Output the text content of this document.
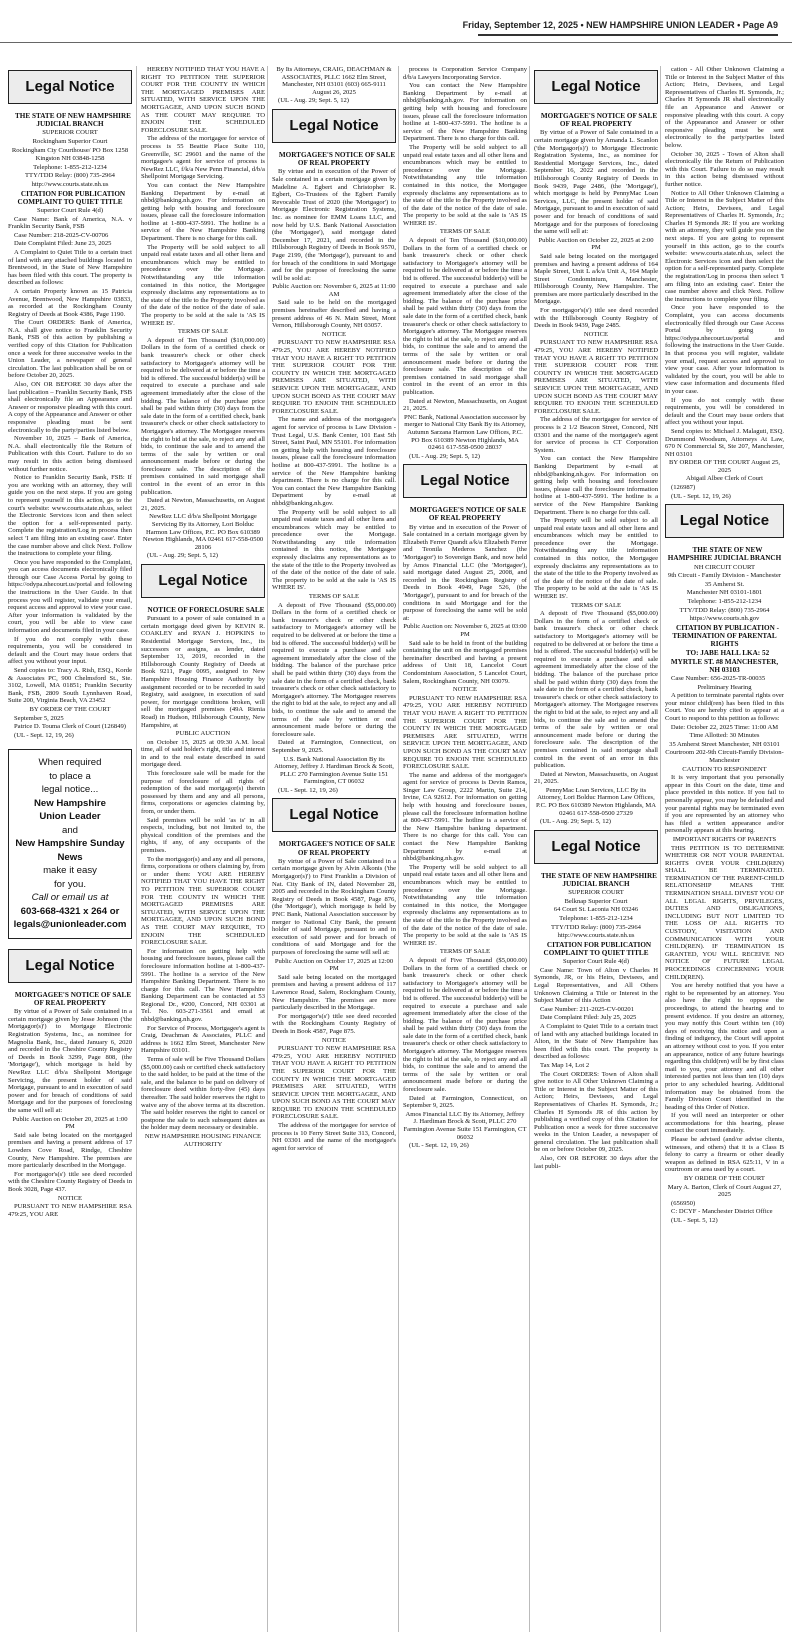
Friday, September 12, 2025 • NEW HAMPSHIRE UNION LEADER • Page A9
Legal Notice

THE STATE OF NEW HAMPSHIRE JUDICIAL BRANCH

SUPERIOR COURT

Rockingham Superior Court

Rockingham Cty Courthouse/ PO Box 1258

Kingston NH 03848-1258

Telephone: 1-855-212-1234

TTY/TDD Relay: (800) 735-2964

http://www.courts.state.nh.us

CITATION FOR PUBLICATION COMPLAINT TO QUIET TITLE

Superior Court Rule 4(d)

Case Name: Bank of America, N.A. v Franklin Security Bank, FSB

Case Number: 218-2025-CV-00706

Date Complaint Filed: June 23, 2025

A Complaint to Quiet Title to a certain tract of land with any attached buildings located in Brentwood, in the State of New Hampshire has been filed with this court. The property is described as follows:

A certain Property known as 15 Patricia Avenue, Brentwood, New Hampshire 03833, as recorded at the Rockingham County Registry of Deeds at Book 4386, Page 1190.

The Court ORDERS: Bank of America, N.A. shall give notice to Franklin Security Bank, FSB of this action by publishing a verified copy of this Citation for Publication once a week for three successive weeks in the Union Leader, a newspaper of general circulation. The last publication shall be on or before October 20, 2025.

Also, ON OR BEFORE 30 days after the last publication – Franklin Security Bank, FSB shall electronically file an Appearance and Answer or responsive pleading with this court. A copy of the Appearance and Answer or other responsive pleading must be sent electronically to the party/parties listed below.

November 10, 2025 – Bank of America, N.A. shall electronically file the Return of Publication with this Court. Failure to do so may result in this action being dismissed without further notice.

Notice to Franklin Security Bank, FSB: If you are working with an attorney, they will guide you on the next steps. If you are going to represent yourself in this action, go to the court's website: www.courts.state.nh.us, select the Electronic Services icon and then select the option for a self-represented party. Complete the registration/Log in process then select 'I am filing into an existing case'. Enter the case number above and click Next. Follow the instructions to complete your filing.

Once you have responded to the Complaint, you can access documents electronically filed through our Case Access Portal by going to https://odypa.nhecourt.us/portal and following the instructions in the User Guide. In that process you will register, validate your email, request access and approval to view your case. After your information is validated by the court, you will be able to view case information and documents filed in your case.

If you do not comply with these requirements, you will be considered in default and the Court may issue orders that affect you without your input.

Send copies to: Tracy A. Rish, ESQ., Korde & Associates PC, 900 Chelmsford St., Ste. 3102, Lowell, MA 01851; Franklin Security Bank, FSB, 2809 South Lynnhaven Road, Suite 200, Virginia Beach, VA 23452

BY ORDER OF THE COURT

September 5, 2025

Patrice D. Touma Clerk of Court (126849)

(UL - Sept. 12, 19, 26)

When required
to place a
legal notice...
New Hampshire
Union Leader
and
New Hampshire Sunday
News
make it easy
for you.
Call or email us at
603-668-4321 x 264 or
legals@unionleader.com
Legal Notice

MORTGAGEE'S NOTICE OF SALE OF REAL PROPERTY

By virtue of a Power of Sale contained in a certain mortgage given by Jesse Johnson ('the Mortgagor(s)') to Mortgage Electronic Registration Systems, Inc., as nominee for Magnolia Bank, Inc., dated January 6, 2020 and recorded in the Cheshire County Registry of Deeds in Book 3299, Page 808, (the 'Mortgage'), which mortgage is held by NewRez LLC d/b/a Shellpoint Mortgage Servicing, the present holder of said Mortgage, pursuant to and in execution of said power and for breach of conditions of said Mortgage and for the purposes of foreclosing the same will sell at:

Public Auction on October 20, 2025 at 1:00 PM

Said sale being located on the mortgaged premises and having a present address of 17 Lowders Cove Road, Rindge, Cheshire County, New Hampshire. The premises are more particularly described in the Mortgage.

For mortgagor's(s') title see deed recorded with the Cheshire County Registry of Deeds in Book 3028, Page 437.

NOTICE

PURSUANT TO NEW HAMPSHIRE RSA 479:25, YOU ARE

HEREBY NOTIFIED THAT YOU HAVE A RIGHT TO PETITION THE SUPERIOR COURT FOR THE COUNTY IN WHICH THE MORTGAGED PREMISES ARE SITUATED, WITH SERVICE UPON THE MORTGAGEE, AND UPON SUCH BOND AS THE COURT MAY REQUIRE TO ENJOIN THE SCHEDULED FORECLOSURE SALE.

The address of the mortgagee for service of process is 55 Beattie Place Suite 110, Greenville, SC 29601 and the name of the mortgagee's agent for service of process is NewRez LLC, f/k/a New Penn Financial, d/b/a Shellpoint Mortgage Servicing.

You can contact the New Hampshire Banking Department by e-mail at nhbd@banking.nh.gov. For information on getting help with housing and foreclosure issues, please call the foreclosure information hotline at 1-800-437-5991. The hotline is a service of the New Hampshire Banking Department. There is no charge for this call.

The Property will be sold subject to all unpaid real estate taxes and all other liens and encumbrances which may be entitled to precedence over the Mortgage. Notwithstanding any title information contained in this notice, the Mortgagee expressly disclaims any representations as to the state of the title to the Property involved as of the date of the notice of the date of sale. The property to be sold at the sale is 'AS IS WHERE IS'.

TERMS OF SALE

A deposit of Ten Thousand ($10,000.00) Dollars in the form of a certified check or bank treasurer's check or other check satisfactory to Mortgagee's attorney will be required to be delivered at or before the time a bid is offered. The successful bidder(s) will be required to execute a purchase and sale agreement immediately after the close of the bidding. The balance of the purchase price shall be paid within thirty (30) days from the sale date in the form of a certified check, bank treasurer's check or other check satisfactory to Mortgagee's attorney. The Mortgagee reserves the right to bid at the sale, to reject any and all bids, to continue the sale and to amend the terms of the sale by written or oral announcement made before or during the foreclosure sale. The description of the premises contained in said mortgage shall control in the event of an error in this publication.

Dated at Newton, Massachusetts, on August 21, 2025.

NewRez LLC d/b/a Shellpoint Mortgage Servicing By its Attorney, Lori Bolduc Harmon Law Offices, P.C. PO Box 610389 Newton Highlands, MA 02461 617-558-0500 28106

(UL - Aug. 29; Sept. 5, 12)

Legal Notice

NOTICE OF FORECLOSURE SALE

Pursuant to a power of sale contained in a certain mortgage deed given by KEVIN R. COAKLEY and RYAN J. HOPKINS to Residential Mortgage Services, Inc., its successors or assigns, as lender, dated September 13, 2019, recorded in the Hillsborough County Registry of Deeds at Book 9211, Page 0095, assigned to New Hampshire Housing Finance Authority by assignment recorded or to be recorded in said Registry, said assignee, in execution of said power, for mortgage conditions broken, will sell the mortgaged premises (49A Rienia Road) in Hudson, Hillsborough County, New Hampshire, at

PUBLIC AUCTION

on October 15, 2025 at 09:30 A.M. local time, all of said holder's right, title and interest in and to the real estate described in said mortgage deed.

This foreclosure sale will be made for the purpose of foreclosure of all rights of redemption of the said mortgagor(s) therein possessed by them and any and all persons, firms, corporations or agencies claiming by, from, or under them.

Said premises will be sold 'as is' in all respects, including, but not limited to, the physical condition of the premises and the rights, if any, of any occupants of the premises.

To the mortgagor(s) and any and all persons, firms, corporations or others claiming by, from or under them: YOU ARE HEREBY NOTIFIED THAT YOU HAVE THE RIGHT TO PETITION THE SUPERIOR COURT FOR THE COUNTY IN WHICH THE MORTGAGED PREMISES ARE SITUATED, WITH SERVICE UPON THE MORTGAGEE, AND UPON SUCH BOND AS THE COURT MAY REQUIRE, TO ENJOIN THE SCHEDULED FORECLOSURE SALE.

For information on getting help with housing and foreclosure issues, please call the foreclosure information hotline at 1-800-437-5991. The hotline is a service of the New Hampshire Banking Department. There is no charge for this call. The New Hampshire Banking Department can be contacted at 53 Regional Dr., #200, Concord, NH 03301 at Tel. No. 603-271-3561 and email at nhbd@banking.nh.gov.

For Service of Process, Mortgagee's agent is Craig, Deachman & Associates, PLLC and address is 1662 Elm Street, Manchester New Hampshire 03101.

Terms of sale will be Five Thousand Dollars ($5,000.00) cash or certified check satisfactory to the said holder, to be paid at the time of the sale, and the balance to be paid on delivery of foreclosure deed within forty-five (45) days thereafter. The said holder reserves the right to waive any of the above terms at its discretion. The said holder reserves the right to cancel or postpone the sale to such subsequent dates as the holder may deem necessary or desirable.

NEW HAMPSHIRE HOUSING FINANCE AUTHORITY

By Its Attorneys, CRAIG, DEACHMAN & ASSOCIATES, PLLC 1662 Elm Street, Manchester, NH 03101 (603) 665-9111 August 26, 2025

(UL - Aug. 29; Sept. 5, 12)

Legal Notice

MORTGAGEE'S NOTICE OF SALE OF REAL PROPERTY

By virtue and in execution of the Power of Sale contained in a certain mortgage given by Madeline A. Egbert and Christopher R. Egbert, Co-Trustees of the Egbert Family Revocable Trust of 2020 (the 'Mortgagor') to Mortgage Electronic Registration Systems, Inc. as nominee for EMM Loans LLC, and now held by U.S. Bank National Association (the 'Mortgagee'), said mortgage dated December 17, 2021, and recorded in the Hillsborough Registry of Deeds in Book 9570, Page 2199, (the 'Mortgage'), pursuant to and for breach of the conditions in said Mortgage and for the purpose of foreclosing the same will be sold at:

Public Auction on: November 6, 2025 at 11:00 AM

Said sale to be held on the mortgaged premises hereinafter described and having a present address of 46 N. Main Street, Mont Vernon, Hillsborough County, NH 03057.

NOTICE

PURSUANT TO NEW HAMPSHIRE RSA 479:25, YOU ARE HEREBY NOTIFIED THAT YOU HAVE A RIGHT TO PETITION THE SUPERIOR COURT FOR THE COUNTY IN WHICH THE MORTGAGED PREMISES ARE SITUATED, WITH SERVICE UPON THE MORTGAGEE, AND UPON SUCH BOND AS THE COURT MAY REQUIRE TO ENJOIN THE SCHEDULED FORECLOSURE SALE.

The name and address of the mortgagee's agent for service of process is Law Division - Trust Legal, U.S. Bank Center, 101 East 5th Street, Saint Paul, MN 55101. For information on getting help with housing and foreclosure issues, please call the foreclosure information hotline at 800-437-5991. The hotline is a service of the New Hampshire banking department. There is no charge for this call. You can contact the New Hampshire Banking Department by e-mail at nhbd@banking.nh.gov.

The Property will be sold subject to all unpaid real estate taxes and all other liens and encumbrances which may be entitled to precedence over the Mortgage. Notwithstanding any title information contained in this notice, the Mortgagee expressly disclaims any representations as to the state of the title to the Property involved as of the date of the notice of the date of sale. The property to be sold at the sale is 'AS IS WHERE IS'.

TERMS OF SALE

A deposit of Five Thousand ($5,000.00) Dollars in the form of a certified check or bank treasurer's check or other check satisfactory to Mortgagee's attorney will be required to be delivered at or before the time a bid is offered. The successful bidder(s) will be required to execute a purchase and sale agreement immediately after the close of the bidding. The balance of the purchase price shall be paid within thirty (30) days from the sale date in the form of a certified check, bank treasurer's check or other check satisfactory to Mortgagee's attorney. The Mortgagee reserves the right to bid at the sale, to reject any and all bids, to continue the sale and to amend the terms of the sale by written or oral announcement made before or during the foreclosure sale.

Dated at Farmington, Connecticut, on September 9, 2025.

U.S. Bank National Association By its Attorney, Jeffrey J. Hardiman Brock & Scott, PLLC 270 Farmington Avenue Suite 151 Farmington, CT 06032

(UL - Sept. 12, 19, 26)

Legal Notice

MORTGAGEE'S NOTICE OF SALE OF REAL PROPERTY

By virtue of a Power of Sale contained in a certain mortgage given by Alvin Alkonis ('the Mortgagor(s)') to First Franklin a Division of Nat. City Bank of IN, dated November 28, 2005 and recorded in the Rockingham County Registry of Deeds in Book 4587, Page 876, (the 'Mortgage'), which mortgage is held by PNC Bank, National Association successor by merger to National City Bank, the present holder of said Mortgage, pursuant to and in execution of said power and for breach of conditions of said Mortgage and for the purposes of foreclosing the same will sell at:

Public Auction on October 17, 2025 at 12:00 PM

Said sale being located on the mortgaged premises and having a present address of 117 Lawrence Road, Salem, Rockingham County, New Hampshire. The premises are more particularly described in the Mortgage.

For mortgagor's(s') title see deed recorded with the Rockingham County Registry of Deeds in Book 4587, Page 875.

NOTICE

PURSUANT TO NEW HAMPSHIRE RSA 479:25, YOU ARE HEREBY NOTIFIED THAT YOU HAVE A RIGHT TO PETITION THE SUPERIOR COURT FOR THE COUNTY IN WHICH THE MORTGAGED PREMISES ARE SITUATED, WITH SERVICE UPON THE MORTGAGEE, AND UPON SUCH BOND AS THE COURT MAY REQUIRE TO ENJOIN THE SCHEDULED FORECLOSURE SALE.

The address of the mortgagee for service of process is 10 Ferry Street Suite 313, Concord, NH 03301 and the name of the mortgagee's agent for service of

process is Corporation Service Company d/b/a Lawyers Incorporating Service.

You can contact the New Hampshire Banking Department by e-mail at nhbd@banking.nh.gov. For information on getting help with housing and foreclosure issues, please call the foreclosure information hotline at 1-800-437-5991. The hotline is a service of the New Hampshire Banking Department. There is no charge for this call.

The Property will be sold subject to all unpaid real estate taxes and all other liens and encumbrances which may be entitled to precedence over the Mortgage. Notwithstanding any title information contained in this notice, the Mortgagee expressly disclaims any representations as to the state of the title to the Property involved as of the date of the notice of the date of sale. The property to be sold at the sale is 'AS IS WHERE IS'.

TERMS OF SALE

A deposit of Ten Thousand ($10,000.00) Dollars in the form of a certified check or bank treasurer's check or other check satisfactory to Mortgagee's attorney will be required to be delivered at or before the time a bid is offered. The successful bidder(s) will be required to execute a purchase and sale agreement immediately after the close of the bidding. The balance of the purchase price shall be paid within thirty (30) days from the sale date in the form of a certified check, bank treasurer's check or other check satisfactory to Mortgagee's attorney. The Mortgagee reserves the right to bid at the sale, to reject any and all bids, to continue the sale and to amend the terms of the sale by written or oral announcement made before or during the foreclosure sale. The description of the premises contained in said mortgage shall control in the event of an error in this publication.

Dated at Newton, Massachusetts, on August 21, 2025.

PNC Bank, National Association successor by merger to National City Bank By its Attorney, Autumn Sarzana Harmon Law Offices, P.C. PO Box 610389 Newton Highlands, MA 02461 617-558-0500 28037

(UL - Aug. 29; Sept. 5, 12)

Legal Notice

MORTGAGEE'S NOTICE OF SALE OF REAL PROPERTY

By virtue and in execution of the Power of Sale contained in a certain mortgage given by Elizabeth Ferrer Quandt a/k/a Elizabeth Ferrer and Teonila Mederos Sanchez (the 'Mortgagor') to Sovereign Bank, and now held by Amos Financial LLC (the 'Mortgagee'), said mortgage dated August 25, 2008, and recorded in the Rockingham Registry of Deeds in Book 4949, Page 526, (the 'Mortgage'), pursuant to and for breach of the conditions in said Mortgage and for the purpose of foreclosing the same will be sold at:

Public Auction on: November 6, 2025 at 03:00 PM

Said sale to be held in front of the building containing the unit on the mortgaged premises hereinafter described and having a present address of Unit 18, Lancelot Court Condominium Association, 5 Lancelot Court, Salem, Rockingham County, NH 03079.

NOTICE

PURSUANT TO NEW HAMPSHIRE RSA 479:25, YOU ARE HEREBY NOTIFIED THAT YOU HAVE A RIGHT TO PETITION THE SUPERIOR COURT FOR THE COUNTY IN WHICH THE MORTGAGED PREMISES ARE SITUATED, WITH SERVICE UPON THE MORTGAGEE, AND UPON SUCH BOND AS THE COURT MAY REQUIRE TO ENJOIN THE SCHEDULED FORECLOSURE SALE.

The name and address of the mortgagee's agent for service of process is Devin Ramos, Singer Law Group, 2222 Martin, Suite 214, Irvine, CA 92612. For information on getting help with housing and foreclosure issues, please call the foreclosure information hotline at 800-437-5991. The hotline is a service of the New Hampshire banking department. There is no charge for this call. You can contact the New Hampshire Banking Department by e-mail at nhbd@banking.nh.gov.

The Property will be sold subject to all unpaid real estate taxes and all other liens and encumbrances which may be entitled to precedence over the Mortgage. Notwithstanding any title information contained in this notice, the Mortgagee expressly disclaims any representations as to the state of the title to the Property involved as of the date of the notice of the date of sale. The property to be sold at the sale is 'AS IS WHERE IS'.

TERMS OF SALE

A deposit of Five Thousand ($5,000.00) Dollars in the form of a certified check or bank treasurer's check or other check satisfactory to Mortgagee's attorney will be required to be delivered at or before the time a bid is offered. The successful bidder(s) will be required to execute a purchase and sale agreement immediately after the close of the bidding. The balance of the purchase price shall be paid within thirty (30) days from the sale date in the form of a certified check, bank treasurer's check or other check satisfactory to Mortgagee's attorney. The Mortgagee reserves the right to bid at the sale, to reject any and all bids, to continue the sale and to amend the terms of the sale by written or oral announcement made before or during the foreclosure sale.

Dated at Farmington, Connecticut, on September 9, 2025.

Amos Financial LLC By its Attorney, Jeffrey J. Hardiman Brock & Scott, PLLC 270 Farmington Avenue Suite 151 Farmington, CT 06032

(UL - Sept. 12, 19, 26)

Legal Notice

MORTGAGEE'S NOTICE OF SALE OF REAL PROPERTY

By virtue of a Power of Sale contained in a certain mortgage given by Amanda L. Scanlon ('the Mortgagor(s)') to Mortgage Electronic Registration Systems, Inc., as nominee for Residential Mortgage Services, Inc., dated September 16, 2022 and recorded in the Hillsborough County Registry of Deeds in Book 9439, Page 2486, (the 'Mortgage'), which mortgage is held by PennyMac Loan Services, LLC, the present holder of said Mortgage, pursuant to and in execution of said power and for breach of conditions of said Mortgage and for the purposes of foreclosing the same will sell at:

Public Auction on October 22, 2025 at 2:00 PM

Said sale being located on the mortgaged premises and having a present address of 164 Maple Street, Unit L a/k/a Unit A, 164 Maple Street Condominium, Manchester, Hillsborough County, New Hampshire. The premises are more particularly described in the Mortgage.

For mortgagor's(s') title see deed recorded with the Hillsborough County Registry of Deeds in Book 9439, Page 2485.

NOTICE

PURSUANT TO NEW HAMPSHIRE RSA 479:25, YOU ARE HEREBY NOTIFIED THAT YOU HAVE A RIGHT TO PETITION THE SUPERIOR COURT FOR THE COUNTY IN WHICH THE MORTGAGED PREMISES ARE SITUATED, WITH SERVICE UPON THE MORTGAGEE, AND UPON SUCH BOND AS THE COURT MAY REQUIRE TO ENJOIN THE SCHEDULED FORECLOSURE SALE.

The address of the mortgagee for service of process is 2 1/2 Beacon Street, Concord, NH 03301 and the name of the mortgagee's agent for service of process is CT Corporation System.

You can contact the New Hampshire Banking Department by e-mail at nhbd@banking.nh.gov. For information on getting help with housing and foreclosure issues, please call the foreclosure information hotline at 1-800-437-5991. The hotline is a service of the New Hampshire Banking Department. There is no charge for this call.

The Property will be sold subject to all unpaid real estate taxes and all other liens and encumbrances which may be entitled to precedence over the Mortgage. Notwithstanding any title information contained in this notice, the Mortgagee expressly disclaims any representations as to the state of the title to the Property involved as of the date of the notice of the date of sale. The property to be sold at the sale is 'AS IS WHERE IS'.

TERMS OF SALE

A deposit of Five Thousand ($5,000.00) Dollars in the form of a certified check or bank treasurer's check or other check satisfactory to Mortgagee's attorney will be required to be delivered at or before the time a bid is offered. The successful bidder(s) will be required to execute a purchase and sale agreement immediately after the close of the bidding. The balance of the purchase price shall be paid within thirty (30) days from the sale date in the form of a certified check, bank treasurer's check or other check satisfactory to Mortgagee's attorney. The Mortgagee reserves the right to bid at the sale, to reject any and all bids, to continue the sale and to amend the terms of the sale by written or oral announcement made before or during the foreclosure sale. The description of the premises contained in said mortgage shall control in the event of an error in this publication.

Dated at Newton, Massachusetts, on August 21, 2025.

PennyMac Loan Services, LLC By its Attorney, Lori Bolduc Harmon Law Offices, P.C. PO Box 610389 Newton Highlands, MA 02461 617-558-0500 27329

(UL - Aug. 29; Sept. 5, 12)

Legal Notice

THE STATE OF NEW HAMPSHIRE JUDICIAL BRANCH

SUPERIOR COURT

Belknap Superior Court

64 Court St. Laconia NH 03246

Telephone: 1-855-212-1234

TTY/TDD Relay: (800) 735-2964

http://www.courts.state.nh.us

CITATION FOR PUBLICATION COMPLAINT TO QUIET TITLE

Superior Court Rule 4(d)

Case Name: Town of Alton v Charles H Symonds, JR, or his Heirs, Devisees, and Legal Representatives, and All Others Unknown Claiming a Title or Interest in the Subject Matter of this Action

Case Number: 211-2025-CV-00201

Date Complaint Filed: July 25, 2025

A Complaint to Quiet Title to a certain tract of land with any attached buildings located in Alton, in the State of New Hampshire has been filed with this court. The property is described as follows:

Tax Map 14, Lot 2

The Court ORDERS: Town of Alton shall give notice to All Other Unknown Claiming a Title or Interest in the Subject Matter of this Action; Heirs, Devisees, and Legal Representatives of Charles H. Symonds, Jr.; Charles H Symonds JR of this action by publishing a verified copy of this Citation for Publication once a week for three successive weeks in the Union Leader, a newspaper of general circulation. The last publication shall be on or before October 09, 2025.

Also, ON OR BEFORE 30 days after the last publi-

cation - All Other Unknown Claiming a Title or Interest in the Subject Matter of this Action; Heirs, Devisees, and Legal Representatives of Charles H. Symonds, Jr.; Charles H Symonds JR shall electronically file an Appearance and Answer or responsive pleading with this court. A copy of the Appearance and Answer or other responsive pleading must be sent electronically to the party/parties listed below.

October 30, 2025 - Town of Alton shall electronically file the Return of Publication with this Court. Failure to do so may result in this action being dismissed without further notice.

Notice to All Other Unknown Claiming a Title or Interest in the Subject Matter of this Action; Heirs, Devisees, and Legal Representatives of Charles H. Symonds, Jr.; Charles H Symonds JR: If you are working with an attorney, they will guide you on the next steps. If you are going to represent yourself in this action, go to the court's website: www.courts.state.nh.us, select the Electronic Services icon and then select the option for a self-represented party. Complete the registration/Log in process then select 'I am filing into an existing case'. Enter the case number above and click Next. Follow the instructions to complete your filing.

Once you have responded to the Complaint, you can access documents electronically filed through our Case Access Portal by going to https://odypa.nhecourt.us/portal and following the instructions in the User Guide. In that process you will register, validate your email, request access and approval to view your case. After your information is validated by the court, you will be able to view case information and documents filed in your case.

If you do not comply with these requirements, you will be considered in default and the Court may issue orders that affect you without your input.

Send copies to: Michael J. Malaguti, ESQ. Drummond Woodsum, Attorneys At Law, 670 N Commercial St, Ste 207, Manchester, NH 03101

BY ORDER OF THE COURT August 25, 2025

Abigail Albee Clerk of Court

(126987)

(UL - Sept. 12, 19, 26)

Legal Notice

THE STATE OF NEW HAMPSHIRE JUDICIAL BRANCH

NH CIRCUIT COURT

9th Circuit - Family Division - Manchester

35 Amherst St.

Manchester NH 03101-1801

Telephone: 1-855-212-1234

TTY/TDD Relay: (800) 735-2964

https://www.courts.nh.gov

CITATION BY PUBLICATION - TERMINATION OF PARENTAL RIGHTS

TO: JABE HALL LKA: 52 MYRTLE ST. #8 MANCHESTER, NH 03103

Case Number: 656-2025-TR-00035

Preliminary Hearing

A petition to terminate parental rights over your minor child(ren) has been filed in this Court. You are hereby cited to appear at a Court to respond to this petition as follows:

Date: October 22, 2025 Time: 11:00 AM

Time Allotted: 30 Minutes

35 Amherst Street Manchester, NH 03101

Courtroom 202-9th Circuit-Family Division-Manchester

CAUTION TO RESPONDENT

It is very important that you personally appear in this Court on the date, time and place provided in this notice. If you fail to personally appear, you may be defaulted and your parental rights may be terminated even if you are represented by an attorney who has filed a written appearance and/or personally appears at this hearing.

IMPORTANT RIGHTS OF PARENTS

THIS PETITION IS TO DETERMINE WHETHER OR NOT YOUR PARENTAL RIGHTS OVER YOUR CHILD(REN) SHALL BE TERMINATED. TERMINATION OF THE PARENT-CHILD RELATIONSHIP MEANS THE TERMINATION SHALL DIVEST YOU OF ALL LEGAL RIGHTS, PRIVILEGES, DUTIES AND OBLIGATIONS, INCLUDING BUT NOT LIMITED TO THE LOSS OF ALL RIGHTS TO CUSTODY, VISITATION AND COMMUNICATION WITH YOUR CHILD(REN). IF TERMINATION IS GRANTED, YOU WILL RECEIVE NO NOTICE OF FUTURE LEGAL PROCEEDINGS CONCERNING YOUR CHILD(REN).

You are hereby notified that you have a right to be represented by an attorney. You also have the right to oppose the proceedings, to attend the hearing and to present evidence. If you desire an attorney, you may notify this Court within ten (10) days of receiving this notice and upon a finding of indigency, the Court will appoint an attorney without cost to you. If you enter an appearance, notice of any future hearings regarding this child(ren) will be by first class mail to you, your attorney and all other interested parties not less than ten (10) days prior to any scheduled hearing. Additional information may be obtained from the Family Division Court identified in the heading of this Order of Notice.

If you will need an interpreter or other accommodations for this hearing, please contact the court immediately.

Please be advised (and/or advise clients, witnesses, and others) that it is a Class B felony to carry a firearm or other deadly weapon as defined in RSA 625:11, V in a courtroom or area used by a court.

BY ORDER OF THE COURT

Mary A. Barton, Clerk of Court August 27, 2025

(656950)

C: DCYF - Manchester District Office

(UL - Sept. 5, 12)
